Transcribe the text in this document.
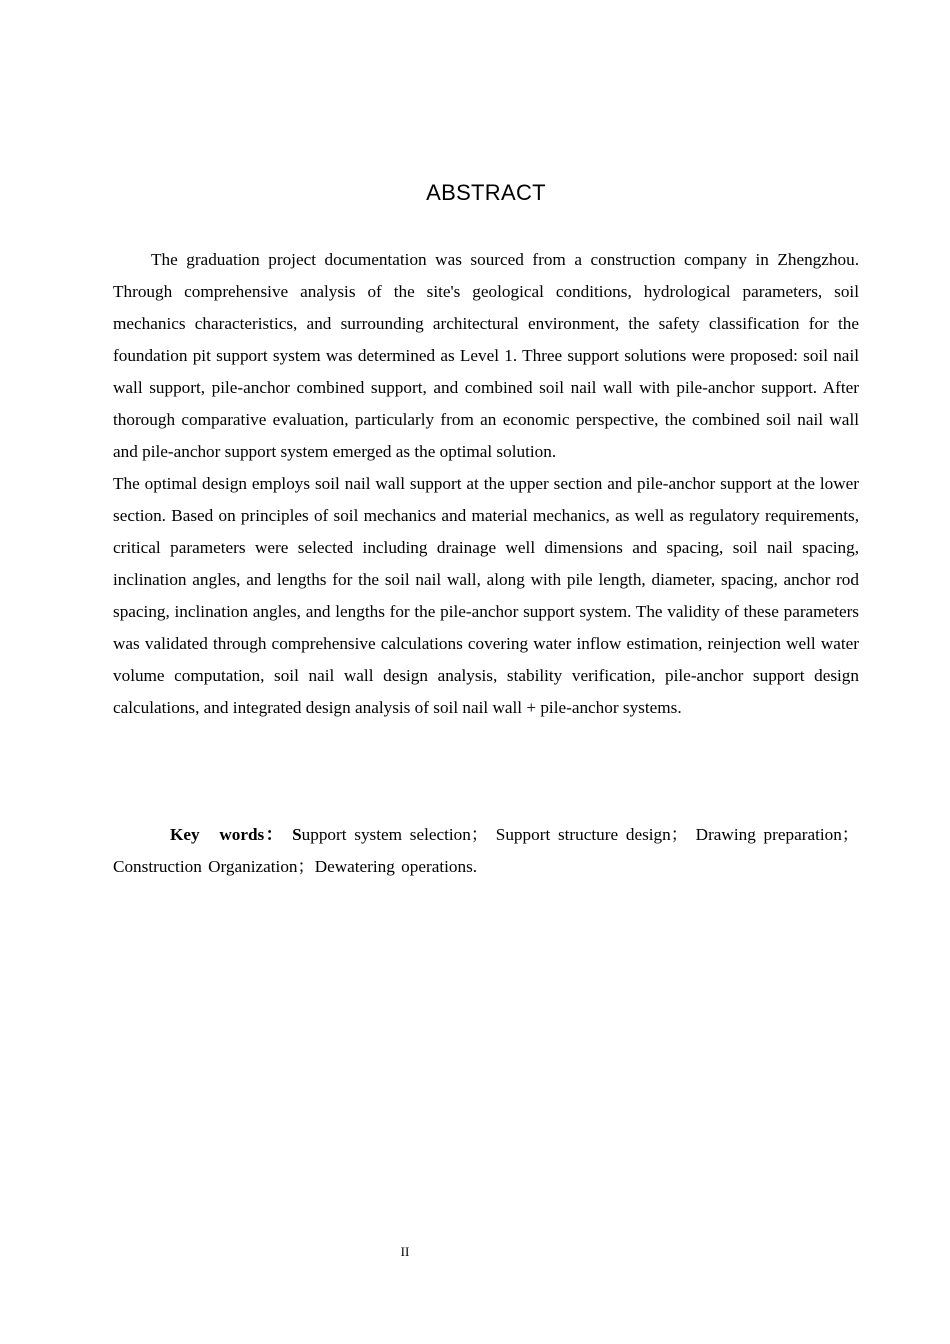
ABSTRACT

The graduation project documentation was sourced from a construction company in Zhengzhou. Through comprehensive analysis of the site's geological conditions, hydrological parameters, soil mechanics characteristics, and surrounding architectural environment, the safety classification for the foundation pit support system was determined as Level 1. Three support solutions were proposed: soil nail wall support, pile-anchor combined support, and combined soil nail wall with pile-anchor support. After thorough comparative evaluation, particularly from an economic perspective, the combined soil nail wall and pile-anchor support system emerged as the optimal solution.

The optimal design employs soil nail wall support at the upper section and pile-anchor support at the lower section. Based on principles of soil mechanics and material mechanics, as well as regulatory requirements, critical parameters were selected including drainage well dimensions and spacing, soil nail spacing, inclination angles, and lengths for the soil nail wall, along with pile length, diameter, spacing, anchor rod spacing, inclination angles, and lengths for the pile-anchor support system. The validity of these parameters was validated through comprehensive calculations covering water inflow estimation, reinjection well water volume computation, soil nail wall design analysis, stability verification, pile-anchor support design calculations, and integrated design analysis of soil nail wall + pile-anchor systems.

Key words： Support system selection； Support structure design； Drawing preparation； Construction Organization；Dewatering operations.
II
